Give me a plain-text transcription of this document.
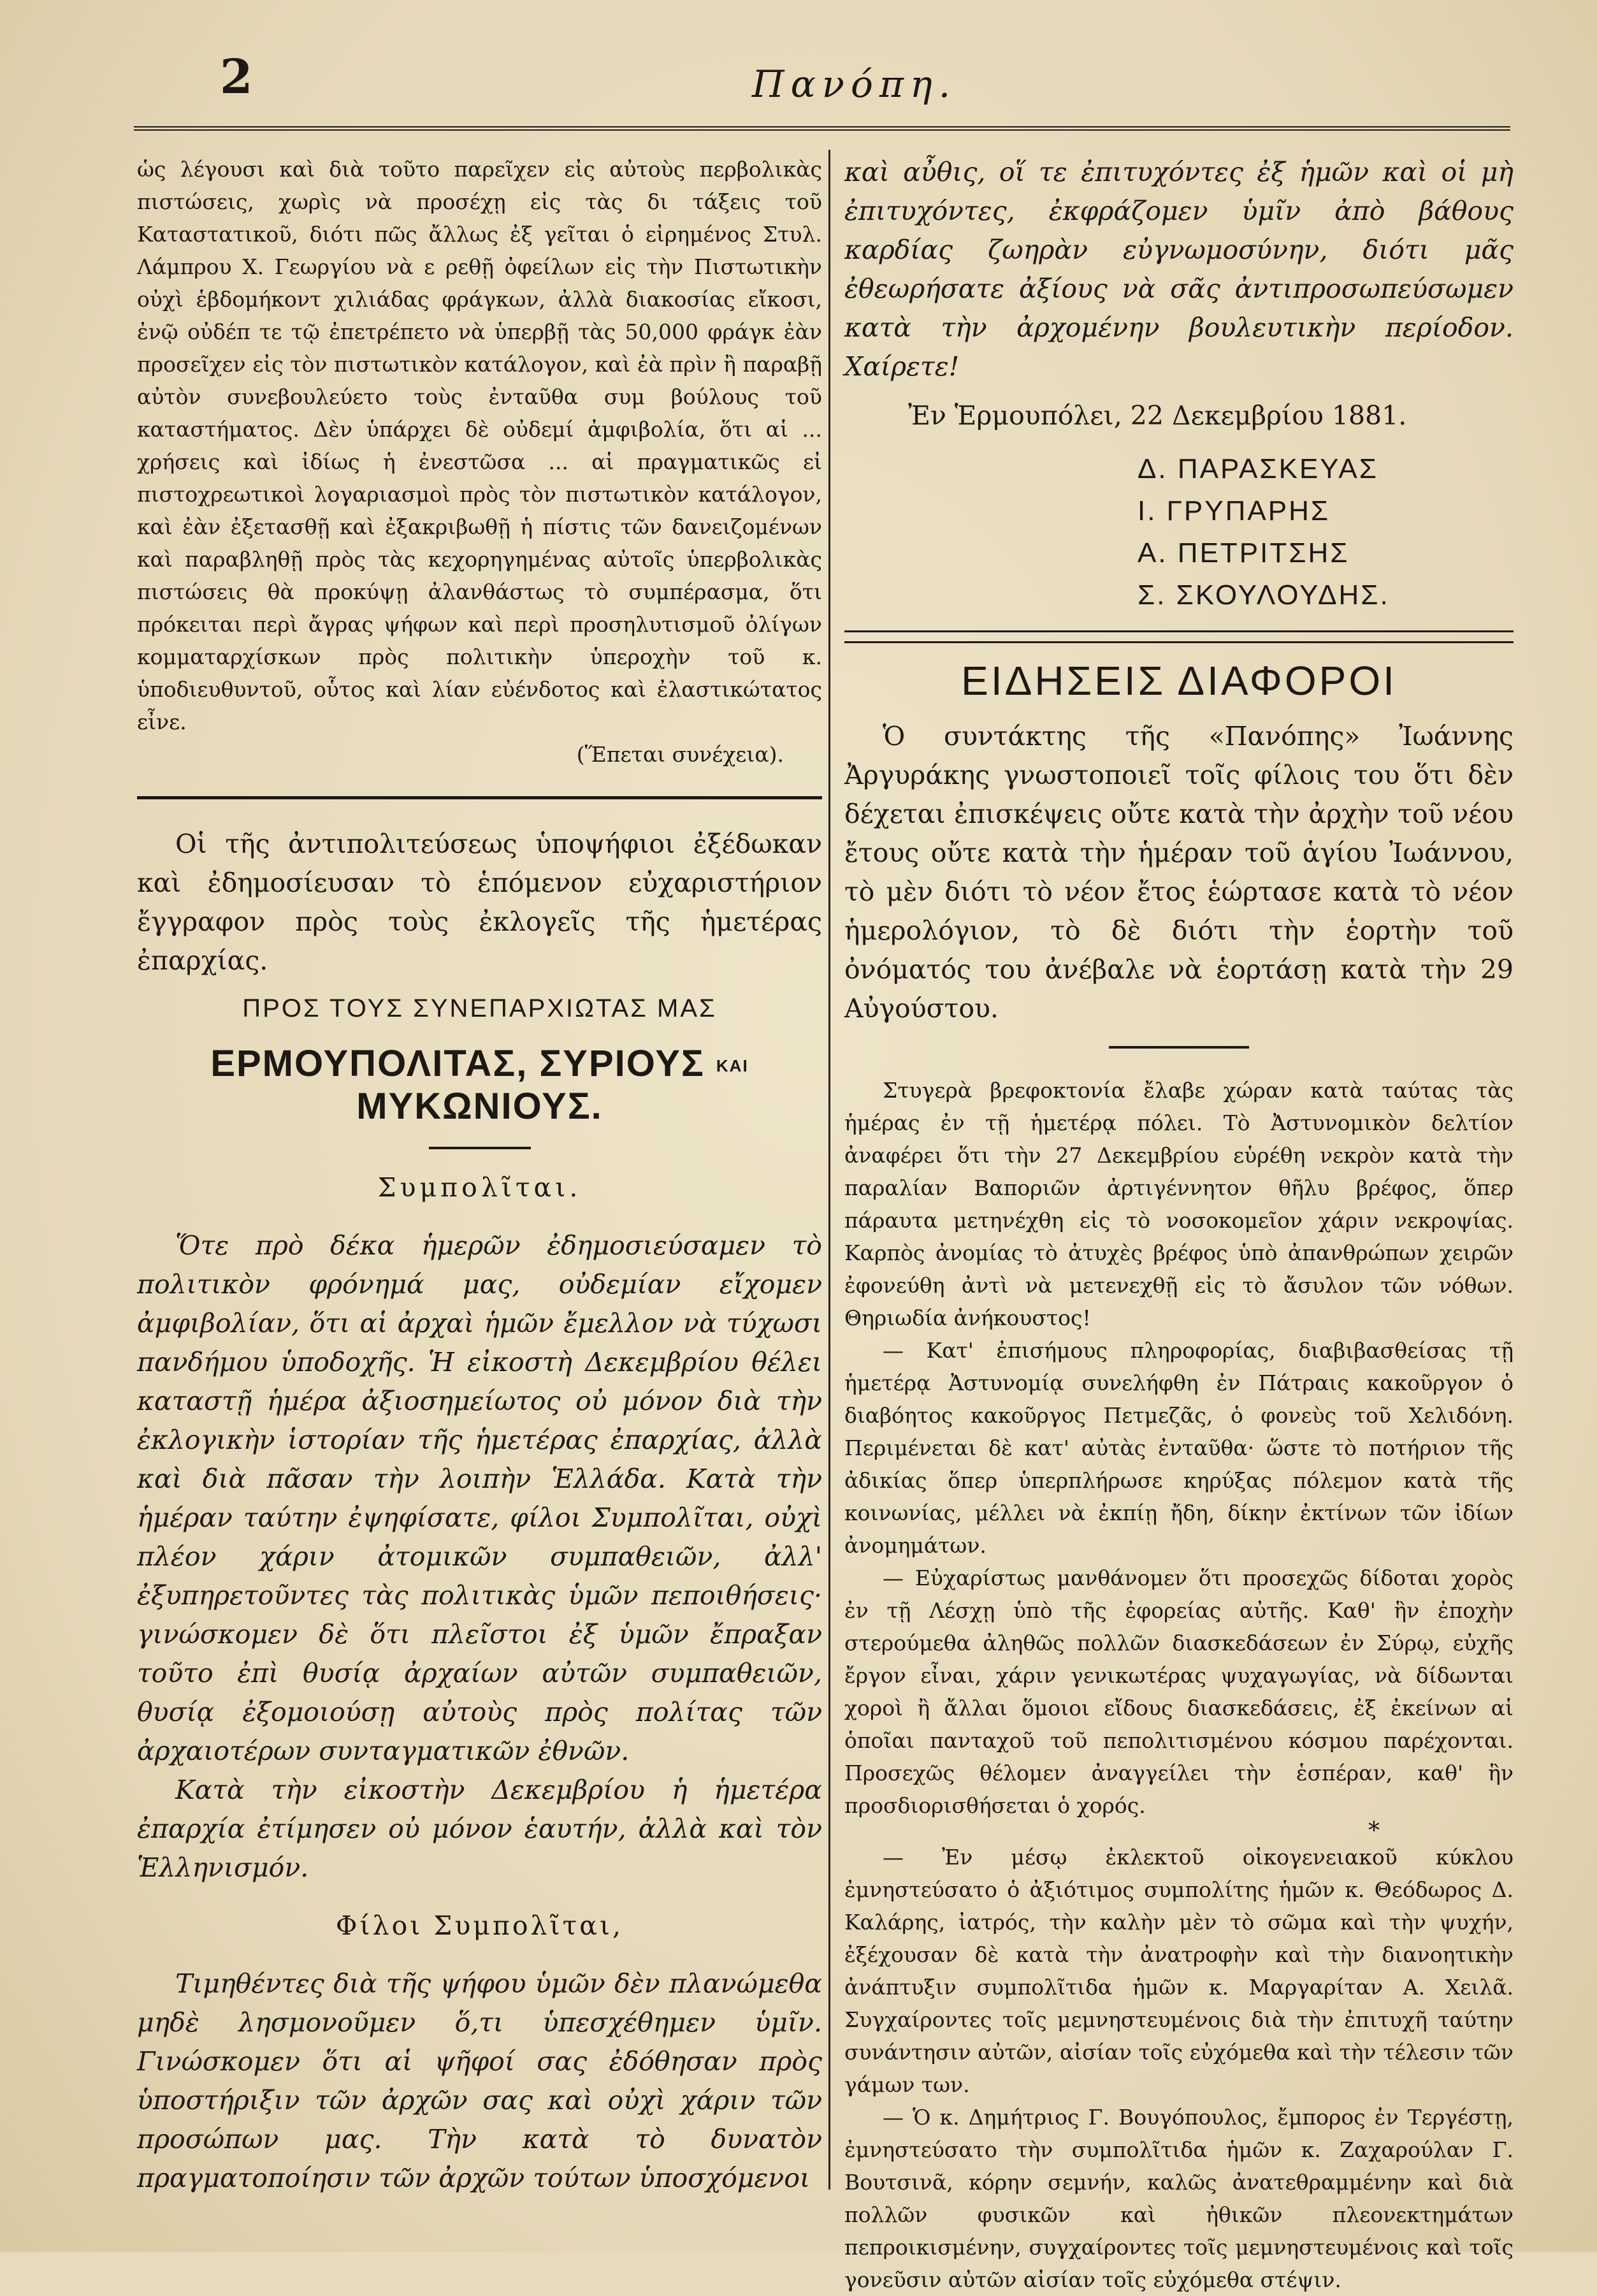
2	Πανόπη.

ὡς λέγουσι καὶ διὰ τοῦτο παρεῖχεν εἰς αὐτοὺς περβολικὰς πιστώσεις, χωρὶς νὰ προσέχῃ εἰς τὰς δι τάξεις τοῦ Καταστατικοῦ, διότι πῶς ἄλλως ἐξ γεῖται ὁ εἰρημένος Στυλ. Λάμπρου Χ. Γεωργίου νὰ ε ρεθῇ ὀφείλων εἰς τὴν Πιστωτικὴν οὐχὶ ἑβδομήκοντ χιλιάδας φράγκων, ἀλλὰ διακοσίας εἴκοσι, ἐνῷ οὐδέπ τε τῷ ἐπετρέπετο νὰ ὑπερβῇ τὰς 50,000 φράγκ ἐὰν προσεῖχεν εἰς τὸν πιστωτικὸν κατάλογον, καὶ ἐὰ πρὶν ἢ παραβῇ αὐτὸν συνεβουλεύετο τοὺς ἐνταῦθα συμ βούλους τοῦ καταστήματος. Δὲν ὑπάρχει δὲ οὐδεμί ἀμφιβολία, ὅτι αἱ ... χρήσεις καὶ ἰδίως ἡ ἐνεστῶσα ... αἱ πραγματικῶς εἰ πιστοχρεωτικοὶ λογαριασμοὶ πρὸς τὸν πιστωτικὸν κατάλογον, καὶ ἐὰν ἐξετασθῇ καὶ ἐξακριβωθῇ ἡ πίστις τῶν δανειζομένων καὶ παραβληθῇ πρὸς τὰς κεχορηγημένας αὐτοῖς ὑπερβολικὰς πιστώσεις θὰ προκύψῃ ἀλανθάστως τὸ συμπέρασμα, ὅτι πρόκειται περὶ ἄγρας ψήφων καὶ περὶ προσηλυτισμοῦ ὀλίγων κομματαρχίσκων πρὸς πολιτικὴν ὑπεροχὴν τοῦ κ. ὑποδιευθυντοῦ, οὗτος καὶ λίαν εὐένδοτος καὶ ἐλαστικώτατος εἶνε.

(Ἕπεται συνέχεια).

Οἱ τῆς ἀντιπολιτεύσεως ὑποψήφιοι ἐξέδωκαν καὶ ἐδημοσίευσαν τὸ ἑπόμενον εὐχαριστήριον ἔγγραφον πρὸς τοὺς ἐκλογεῖς τῆς ἡμετέρας ἐπαρχίας.

ΠΡΟΣ ΤΟΥΣ ΣΥΝΕΠΑΡΧΙΩΤΑΣ ΜΑΣ
ΕΡΜΟΥΠΟΛΙΤΑΣ, ΣΥΡΙΟΥΣ ΚΑΙ ΜΥΚΩΝΙΟΥΣ.

Συμπολῖται.

Ὅτε πρὸ δέκα ἡμερῶν ἐδημοσιεύσαμεν τὸ πολιτικὸν φρόνημά μας, οὐδεμίαν εἴχομεν ἀμφιβολίαν, ὅτι αἱ ἀρχαὶ ἡμῶν ἔμελλον νὰ τύχωσι πανδήμου ὑποδοχῆς. Ἡ εἰκοστὴ Δεκεμβρίου θέλει καταστῇ ἡμέρα ἀξιοσημείωτος οὐ μόνον διὰ τὴν ἐκλογικὴν ἱστορίαν τῆς ἡμετέρας ἐπαρχίας, ἀλλὰ καὶ διὰ πᾶσαν τὴν λοιπὴν Ἑλλάδα. Κατὰ τὴν ἡμέραν ταύτην ἐψηφίσατε, φίλοι Συμπολῖται, οὐχὶ πλέον χάριν ἀτομικῶν συμπαθειῶν, ἀλλ' ἐξυπηρετοῦντες τὰς πολιτικὰς ὑμῶν πεποιθήσεις· γινώσκομεν δὲ ὅτι πλεῖστοι ἐξ ὑμῶν ἔπραξαν τοῦτο ἐπὶ θυσίᾳ ἀρχαίων αὐτῶν συμπαθειῶν, θυσίᾳ ἐξομοιούσῃ αὐτοὺς πρὸς πολίτας τῶν ἀρχαιοτέρων συνταγματικῶν ἐθνῶν.

Κατὰ τὴν εἰκοστὴν Δεκεμβρίου ἡ ἡμετέρα ἐπαρχία ἐτίμησεν οὐ μόνον ἑαυτήν, ἀλλὰ καὶ τὸν Ἑλληνισμόν.

Φίλοι Συμπολῖται,

Τιμηθέντες διὰ τῆς ψήφου ὑμῶν δὲν πλανώμεθα μηδὲ λησμονοῦμεν ὅ,τι ὑπεσχέθημεν ὑμῖν. Γινώσκομεν ὅτι αἱ ψῆφοί σας ἐδόθησαν πρὸς ὑποστήριξιν τῶν ἀρχῶν σας καὶ οὐχὶ χάριν τῶν προσώπων μας. Τὴν κατὰ τὸ δυνατὸν πραγματοποίησιν τῶν ἀρχῶν τούτων ὑποσχόμενοι

καὶ αὖθις, οἵ τε ἐπιτυχόντες ἐξ ἡμῶν καὶ οἱ μὴ ἐπιτυχόντες, ἐκφράζομεν ὑμῖν ἀπὸ βάθους καρδίας ζωηρὰν εὐγνωμοσύνην, διότι μᾶς ἐθεωρήσατε ἀξίους νὰ σᾶς ἀντιπροσωπεύσωμεν κατὰ τὴν ἀρχομένην βουλευτικὴν περίοδον. Χαίρετε!

Ἐν Ἑρμουπόλει, 22 Δεκεμβρίου 1881.

Δ. ΠΑΡΑΣΚΕΥΑΣ
Ι. ΓΡΥΠΑΡΗΣ
Α. ΠΕΤΡΙΤΣΗΣ
Σ. ΣΚΟΥΛΟΥΔΗΣ.
ΕΙΔΗΣΕΙΣ ΔΙΑΦΟΡΟΙ

Ὁ συντάκτης τῆς «Πανόπης» Ἰωάννης Ἀργυράκης γνωστοποιεῖ τοῖς φίλοις του ὅτι δὲν δέχεται ἐπισκέψεις οὔτε κατὰ τὴν ἀρχὴν τοῦ νέου ἔτους οὔτε κατὰ τὴν ἡμέραν τοῦ ἁγίου Ἰωάννου, τὸ μὲν διότι τὸ νέον ἔτος ἑώρτασε κατὰ τὸ νέον ἡμερολόγιον, τὸ δὲ διότι τὴν ἑορτὴν τοῦ ὀνόματός του ἀνέβαλε νὰ ἑορτάσῃ κατὰ τὴν 29 Αὐγούστου.

Στυγερὰ βρεφοκτονία ἔλαβε χώραν κατὰ ταύτας τὰς ἡμέρας ἐν τῇ ἡμετέρᾳ πόλει. Τὸ Ἀστυνομικὸν δελτίον ἀναφέρει ὅτι τὴν 27 Δεκεμβρίου εὑρέθη νεκρὸν κατὰ τὴν παραλίαν Βαποριῶν ἀρτιγέννητον θῆλυ βρέφος, ὅπερ πάραυτα μετηνέχθη εἰς τὸ νοσοκομεῖον χάριν νεκροψίας. Καρπὸς ἀνομίας τὸ ἀτυχὲς βρέφος ὑπὸ ἀπανθρώπων χειρῶν ἐφονεύθη ἀντὶ νὰ μετενεχθῇ εἰς τὸ ἄσυλον τῶν νόθων. Θηριωδία ἀνήκουστος!

— Κατ' ἐπισήμους πληροφορίας, διαβιβασθείσας τῇ ἡμετέρᾳ Ἀστυνομίᾳ συνελήφθη ἐν Πάτραις κακοῦργον ὁ διαβόητος κακοῦργος Πετμεζᾶς, ὁ φονεὺς τοῦ Χελιδόνη. Περιμένεται δὲ κατ' αὐτὰς ἐνταῦθα· ὥστε τὸ ποτήριον τῆς ἀδικίας ὅπερ ὑπερπλήρωσε κηρύξας πόλεμον κατὰ τῆς κοινωνίας, μέλλει νὰ ἐκπίῃ ἤδη, δίκην ἐκτίνων τῶν ἰδίων ἀνομημάτων.

— Εὐχαρίστως μανθάνομεν ὅτι προσεχῶς δίδοται χορὸς ἐν τῇ Λέσχῃ ὑπὸ τῆς ἐφορείας αὐτῆς. Καθ' ἣν ἐποχὴν στερούμεθα ἀληθῶς πολλῶν διασκεδάσεων ἐν Σύρῳ, εὐχῆς ἔργον εἶναι, χάριν γενικωτέρας ψυχαγωγίας, νὰ δίδωνται χοροὶ ἢ ἄλλαι ὅμοιοι εἴδους διασκεδάσεις, ἐξ ἐκείνων αἱ ὁποῖαι πανταχοῦ τοῦ πεπολιτισμένου κόσμου παρέχονται. Προσεχῶς θέλομεν ἀναγγείλει τὴν ἑσπέραν, καθ' ἣν προσδιορισθήσεται ὁ χορός.

*

— Ἐν μέσῳ ἐκλεκτοῦ οἰκογενειακοῦ κύκλου ἐμνηστεύσατο ὁ ἀξιότιμος συμπολίτης ἡμῶν κ. Θεόδωρος Δ. Καλάρης, ἰατρός, τὴν καλὴν μὲν τὸ σῶμα καὶ τὴν ψυχήν, ἐξέχουσαν δὲ κατὰ τὴν ἀνατροφὴν καὶ τὴν διανοητικὴν ἀνάπτυξιν συμπολῖτιδα ἡμῶν κ. Μαργαρίταν Α. Χειλᾶ. Συγχαίροντες τοῖς μεμνηστευμένοις διὰ τὴν ἐπιτυχῆ ταύτην συνάντησιν αὐτῶν, αἰσίαν τοῖς εὐχόμεθα καὶ τὴν τέλεσιν τῶν γάμων των.

— Ὁ κ. Δημήτριος Γ. Βουγόπουλος, ἔμπορος ἐν Τεργέστῃ, ἐμνηστεύσατο τὴν συμπολῖτιδα ἡμῶν κ. Ζαχαρούλαν Γ. Βουτσινᾶ, κόρην σεμνήν, καλῶς ἀνατεθραμμένην καὶ διὰ πολλῶν φυσικῶν καὶ ἠθικῶν πλεονεκτημάτων πεπροικισμένην, συγχαίροντες τοῖς μεμνηστευμένοις καὶ τοῖς γονεῦσιν αὐτῶν αἰσίαν τοῖς εὐχόμεθα στέψιν.
